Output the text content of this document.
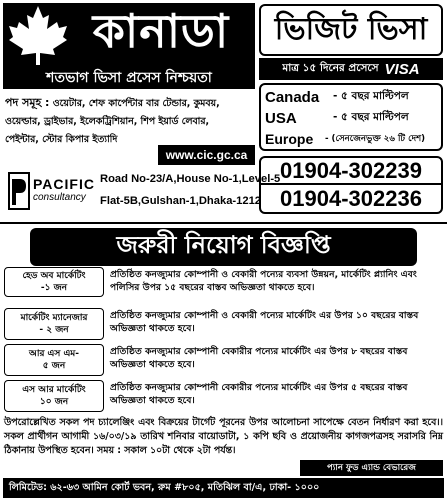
কানাডা
শতভাগ ভিসা প্রসেস নিশ্চয়তা
ভিজিট ভিসা
মাত্র ১৫ দিনের প্রসেসে VISA
পদ সমূহ : ওয়েটার, শেফ কার্পেন্টার বার টেন্ডার, কুমবয়,
ওয়েল্ডার, ড্রাইভার, ইলেকট্রিশিয়ান, শিপ ইয়ার্ড লেবার,
পেইন্টার, স্টোর কিপার ইত্যাদি
www.cic.gc.ca
Canada	- ৫ বছর মাল্টিপল
USA	- ৫ বছর মাল্টিপল
Europe	- (সেনজেনভুক্ত ২৬ টি দেশ)
PACIFIC
consultancy
Road No-23/A,House No-1,Level-5
Flat-5B,Gulshan-1,Dhaka-1212
01904-302239
01904-302236
জরুরী নিয়োগ বিজ্ঞপ্তি
হেড অব মার্কেটিং
-১ জন
প্রতিষ্ঠিত কনজ্যুমার কোম্পানী ও বেকারী পন্যের ব্যবসা উন্নয়ন, মার্কেটিং প্ল্যানিং এবং পলিসির উপর ১৫ বছরের বাস্তব অভিজ্ঞতা থাকতে হবে।
মার্কেটিং ম্যানেজার
- ২ জন
প্রতিষ্ঠিত কনজ্যুমার কোম্পানী ও বেকারী পন্যের মার্কেটিং এর উপর ১০ বছরের বাস্তব অভিজ্ঞতা থাকতে হবে।
আর এস এম-
৫ জন
প্রতিষ্ঠিত কনজ্যুমার কোম্পানী বেকারীর পন্যের মার্কেটিং এর উপর ৮ বছরের বাস্তব অভিজ্ঞতা থাকতে হবে।
এস আর মার্কেটিং
১০ জন
প্রতিষ্ঠিত কনজ্যুমার কোম্পানী বেকারীর পন্যের মার্কেটিং এর উপর ৫ বছরের বাস্তব অভিজ্ঞতা থাকতে হবে।
উপরোল্লেখিত সকল পদ চ্যালেঞ্জিং এবং বিক্রয়ের টার্গেট পূরনের উপর আলোচনা সাপেক্ষে বেতন নির্ধারণ করা হবে।। সকল প্রার্থীগন আগামী ১৬/০৩/১৯ তারিখ শনিবার বায়োডাটা, ১ কপি ছবি ও প্রয়োজনীয় কাগজপত্রসহ সরাসরি নিম্ন ঠিকানায় উপস্থিত হবেন। সময় : সকাল ১০টা থেকে ২টা পর্যন্ত।
প্যান ফুড এ্যান্ড বেভারেজ
লিমিটেড: ৬২-৬৩ আমিন কোর্ট ভবন, রুম #৮০৫, মতিঝিল বা/এ, ঢাকা- ১০০০
